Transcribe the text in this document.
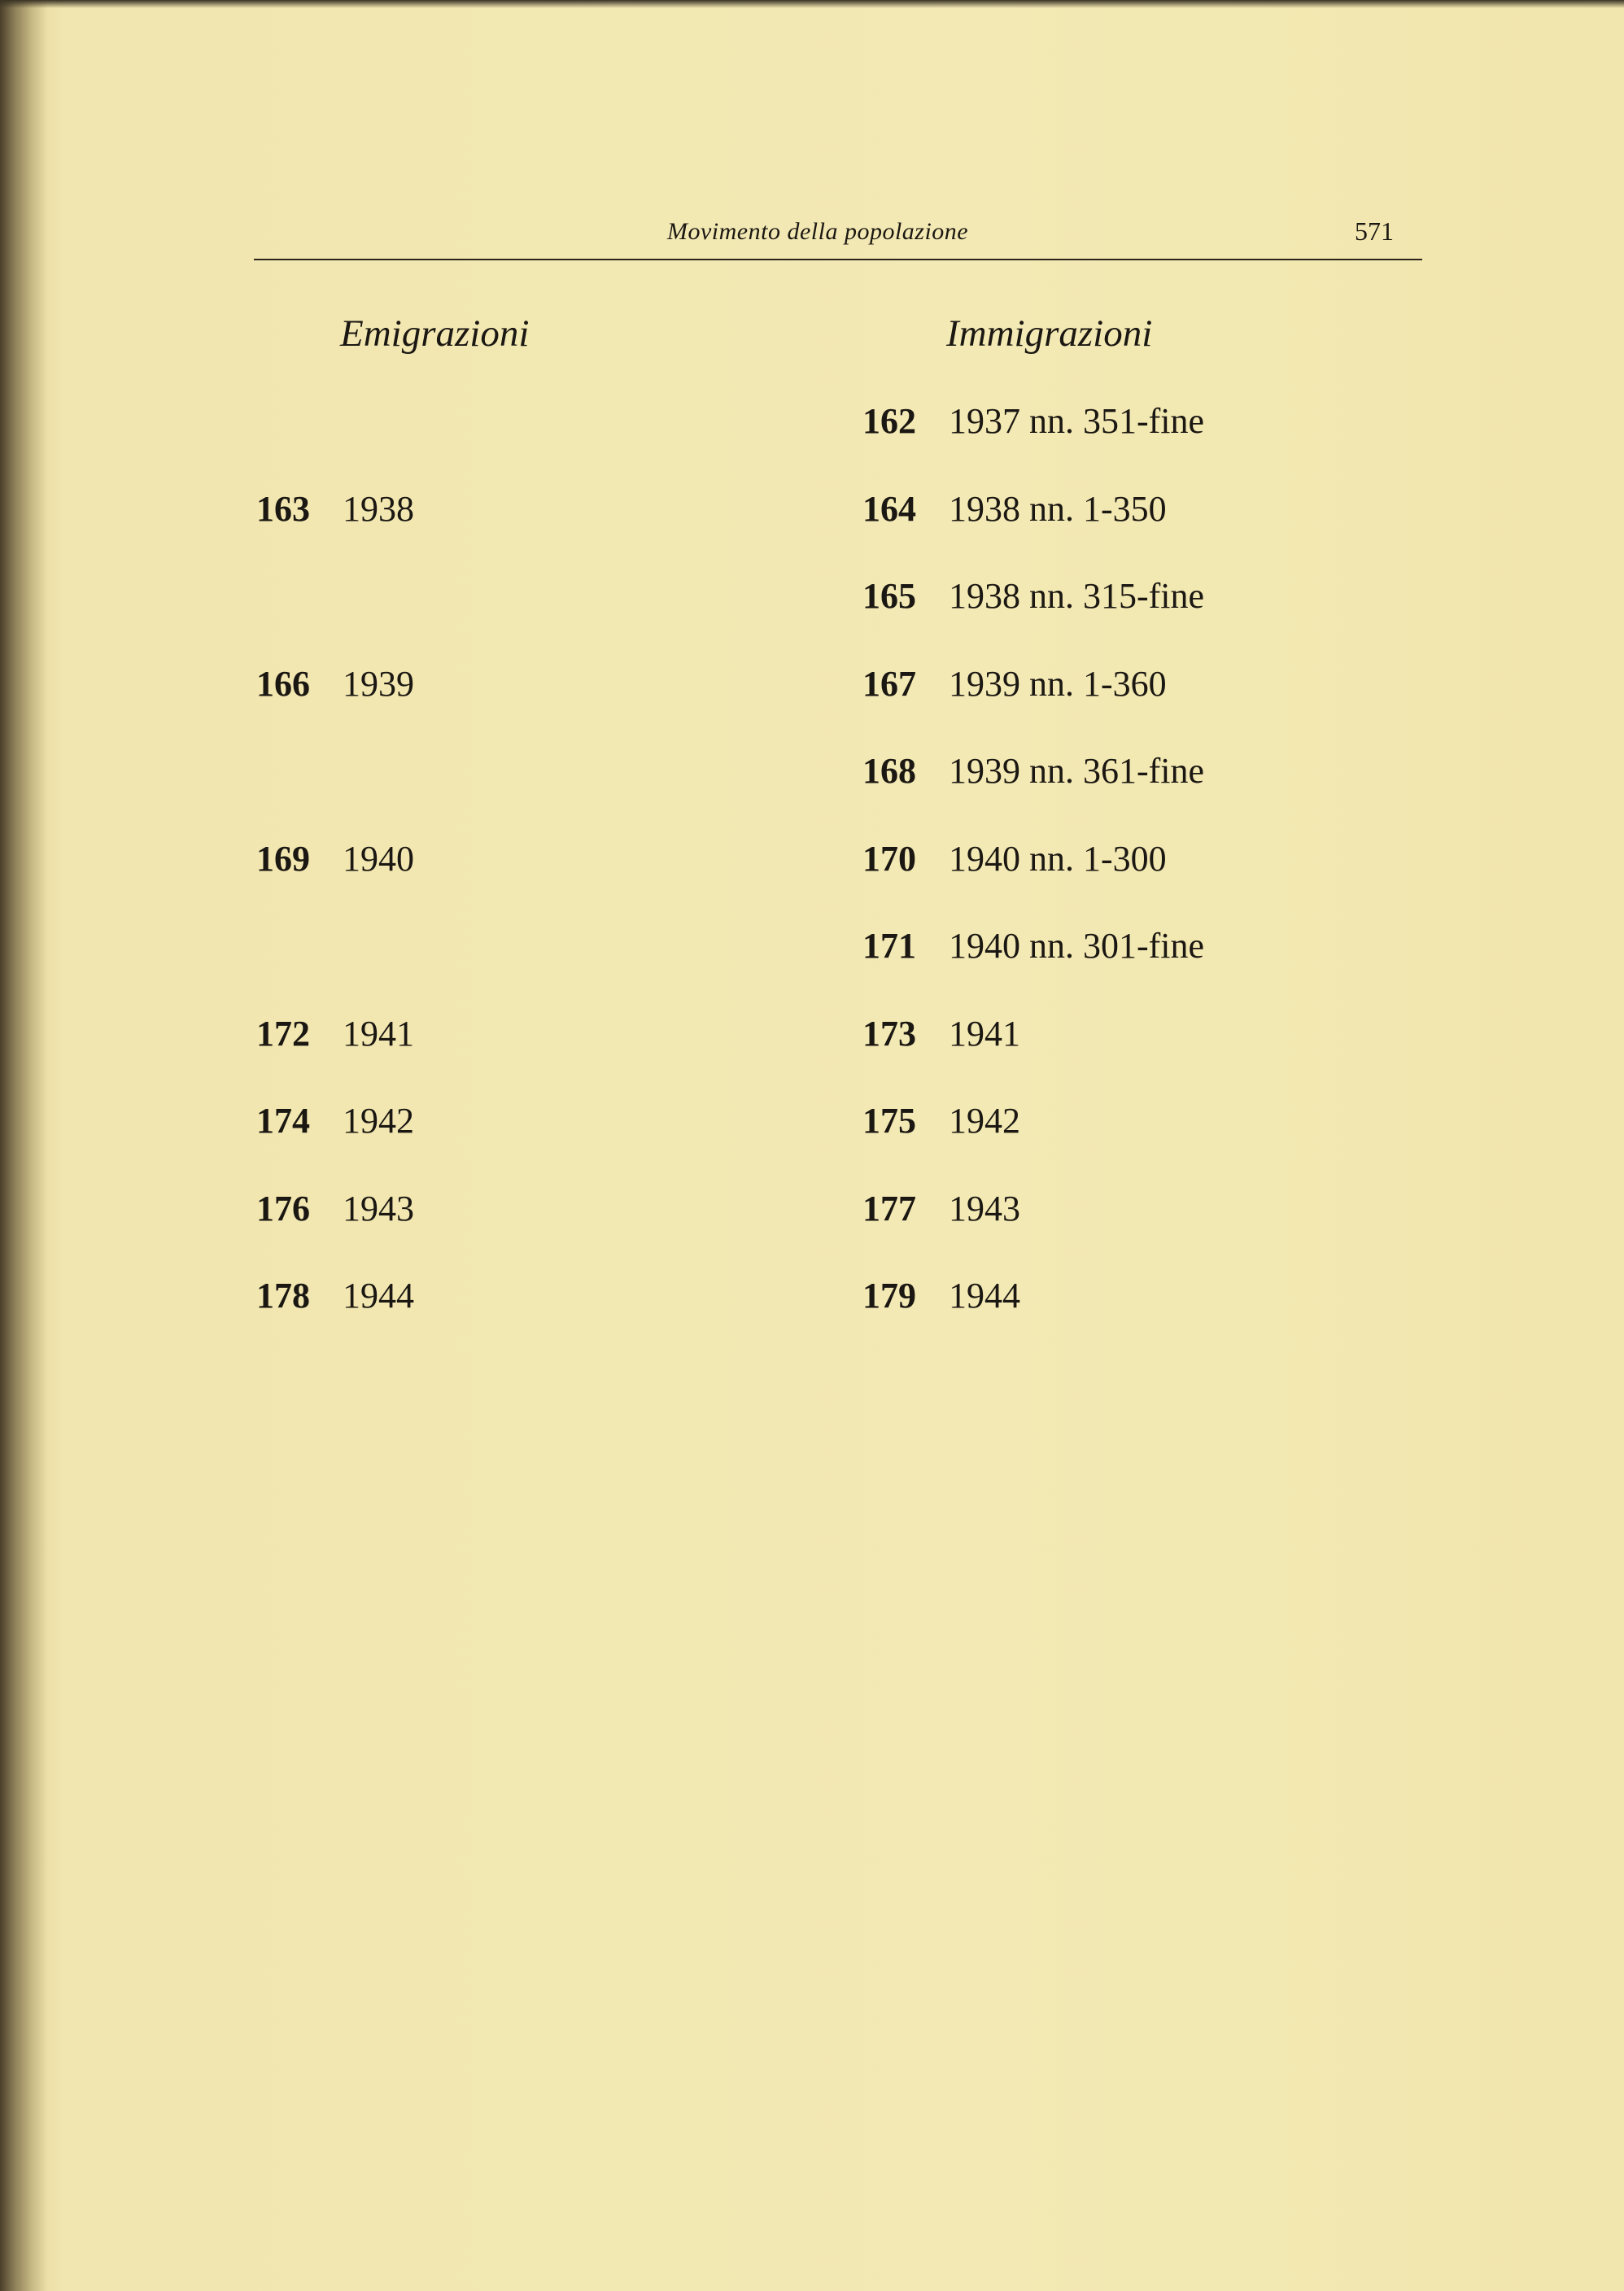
Movimento della popolazione	571
Emigrazioni	Immigrazioni
163 1938
166 1939
169 1940
172 1941
174 1942
176 1943
178 1944
162 1937 nn. 351-fine
164 1938 nn. 1-350
165 1938 nn. 315-fine
167 1939 nn. 1-360
168 1939 nn. 361-fine
170 1940 nn. 1-300
171 1940 nn. 301-fine
173 1941
175 1942
177 1943
179 1944
